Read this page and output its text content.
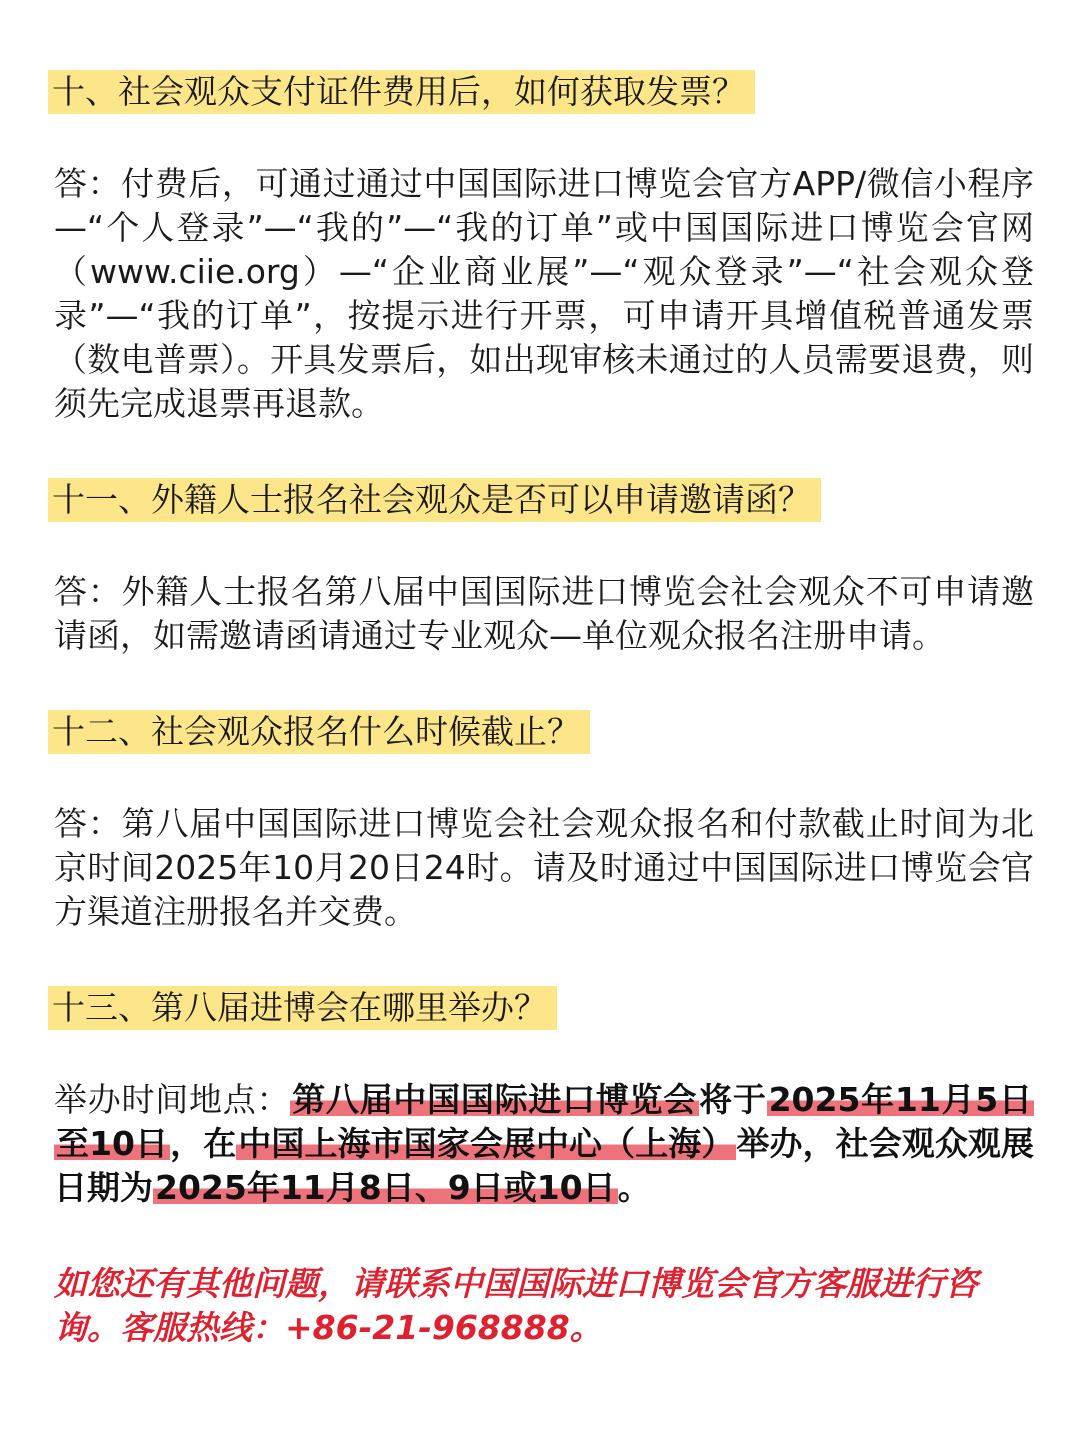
十、社会观众支付证件费用后，如何获取发票？

答：付费后，可通过通过中国国际进口博览会官方APP/微信小程序—“个人登录”—“我的”—“我的订单”或中国国际进口博览会官网（www.ciie.org）—“企业商业展”—“观众登录”—“社会观众登录”—“我的订单”，按提示进行开票，可申请开具增值税普通发票（数电普票）。开具发票后，如出现审核未通过的人员需要退费，则须先完成退票再退款。

十一、外籍人士报名社会观众是否可以申请邀请函？

答：外籍人士报名第八届中国国际进口博览会社会观众不可申请邀请函，如需邀请函请通过专业观众—单位观众报名注册申请。

十二、社会观众报名什么时候截止？

答：第八届中国国际进口博览会社会观众报名和付款截止时间为北京时间2025年10月20日24时。请及时通过中国国际进口博览会官方渠道注册报名并交费。

十三、第八届进博会在哪里举办？

举办时间地点：第八届中国国际进口博览会将于2025年11月5日至10日，在中国上海市国家会展中心（上海）举办，社会观众观展日期为2025年11月8日、9日或10日。

如您还有其他问题，请联系中国国际进口博览会官方客服进行咨询。客服热线：+86-21-968888。
